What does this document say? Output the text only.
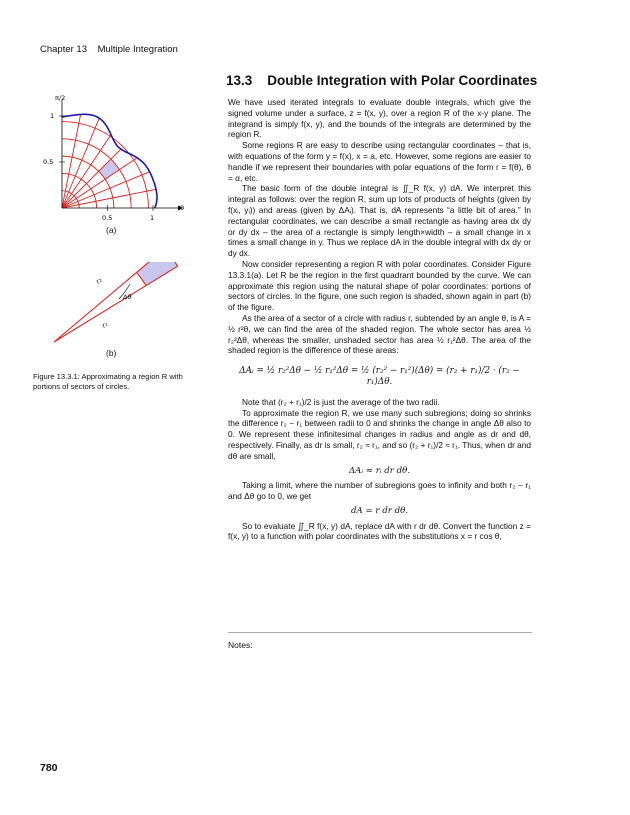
Chapter 13 Multiple Integration
π/2
1
0.5
0.5	1
0
(a)
r₂
r₁
Δθ
(b)
Figure 13.3.1: Approximating a region R with portions of sectors of circles.
13.3 Double Integration with Polar Coordinates

We have used iterated integrals to evaluate double integrals, which give the signed volume under a surface, z = f(x, y), over a region R of the x-y plane. The integrand is simply f(x, y), and the bounds of the integrals are determined by the region R.

Some regions R are easy to describe using rectangular coordinates – that is, with equations of the form y = f(x), x = a, etc. However, some regions are easier to handle if we represent their boundaries with polar equations of the form r = f(θ), θ = α, etc.

The basic form of the double integral is ∬_R f(x, y) dA. We interpret this integral as follows: over the region R, sum up lots of products of heights (given by f(xᵢ, yᵢ)) and areas (given by ΔAᵢ). That is, dA represents “a little bit of area.” In rectangular coordinates, we can describe a small rectangle as having area dx dy or dy dx – the area of a rectangle is simply length×width – a small change in x times a small change in y. Thus we replace dA in the double integral with dx dy or dy dx.

Now consider representing a region R with polar coordinates. Consider Figure 13.3.1(a). Let R be the region in the first quadrant bounded by the curve. We can approximate this region using the natural shape of polar coordinates: portions of sectors of circles. In the figure, one such region is shaded, shown again in part (b) of the figure.

As the area of a sector of a circle with radius r, subtended by an angle θ, is A = ½ r²θ, we can find the area of the shaded region. The whole sector has area ½ r₂²Δθ, whereas the smaller, unshaded sector has area ½ r₁²Δθ. The area of the shaded region is the difference of these areas:

ΔAᵢ = ½ r₂²Δθ − ½ r₁²Δθ = ½ (r₂² − r₁²)(Δθ) = (r₂ + r₁)/2 · (r₂ − r₁)Δθ.

Note that (r₂ + r₁)/2 is just the average of the two radii.

To approximate the region R, we use many such subregions; doing so shrinks the difference r₂ − r₁ between radii to 0 and shrinks the change in angle Δθ also to 0. We represent these infinitesimal changes in radius and angle as dr and dθ, respectively. Finally, as dr is small, r₂ ≈ r₁, and so (r₂ + r₁)/2 ≈ r₁. Thus, when dr and dθ are small,

ΔAᵢ ≈ rᵢ dr dθ.

Taking a limit, where the number of subregions goes to infinity and both r₂ − r₁ and Δθ go to 0, we get

dA = r dr dθ.

So to evaluate ∬_R f(x, y) dA, replace dA with r dr dθ. Convert the function z = f(x, y) to a function with polar coordinates with the substitutions x = r cos θ,

Notes:
780
